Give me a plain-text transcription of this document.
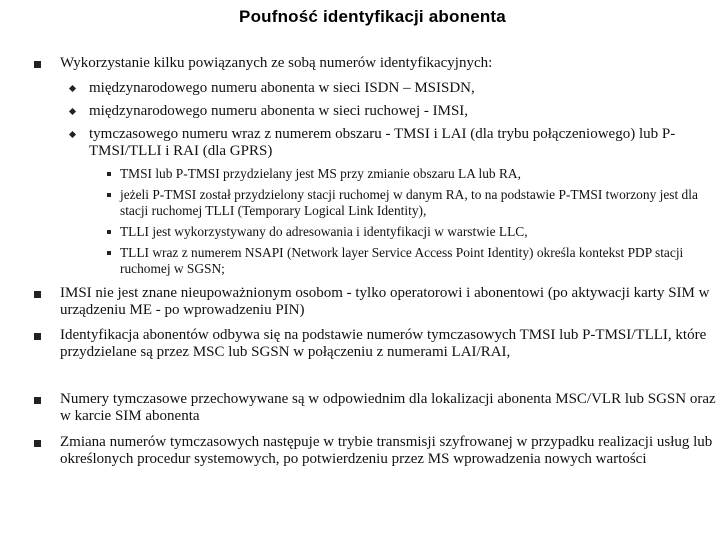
Poufność identyfikacji abonenta
Wykorzystanie kilku powiązanych ze sobą numerów identyfikacyjnych:
międzynarodowego numeru abonenta w sieci ISDN – MSISDN,
międzynarodowego numeru abonenta w sieci ruchowej - IMSI,
tymczasowego numeru wraz z numerem obszaru - TMSI i LAI (dla trybu połączeniowego) lub P-TMSI/TLLI i RAI (dla GPRS)
TMSI lub P-TMSI przydzielany jest MS przy zmianie obszaru LA lub RA,
jeżeli P-TMSI został przydzielony stacji ruchomej w danym RA, to na podstawie P-TMSI tworzony jest dla stacji ruchomej TLLI (Temporary Logical Link Identity),
TLLI jest wykorzystywany do adresowania i identyfikacji w warstwie LLC,
TLLI wraz z numerem NSAPI (Network layer Service Access Point Identity) określa kontekst PDP stacji ruchomej w SGSN;
IMSI nie jest znane nieupoważnionym osobom - tylko operatorowi i abonentowi (po aktywacji karty SIM w urządzeniu ME - po wprowadzeniu PIN)
Identyfikacja abonentów odbywa się na podstawie numerów tymczasowych TMSI lub P-TMSI/TLLI, które przydzielane są przez MSC lub SGSN w połączeniu z numerami LAI/RAI,
Numery tymczasowe przechowywane są w odpowiednim dla lokalizacji abonenta MSC/VLR lub SGSN oraz w karcie SIM abonenta
Zmiana numerów tymczasowych następuje w trybie transmisji szyfrowanej w przypadku realizacji usług lub określonych procedur systemowych, po potwierdzeniu przez MS wprowadzenia nowych wartości
